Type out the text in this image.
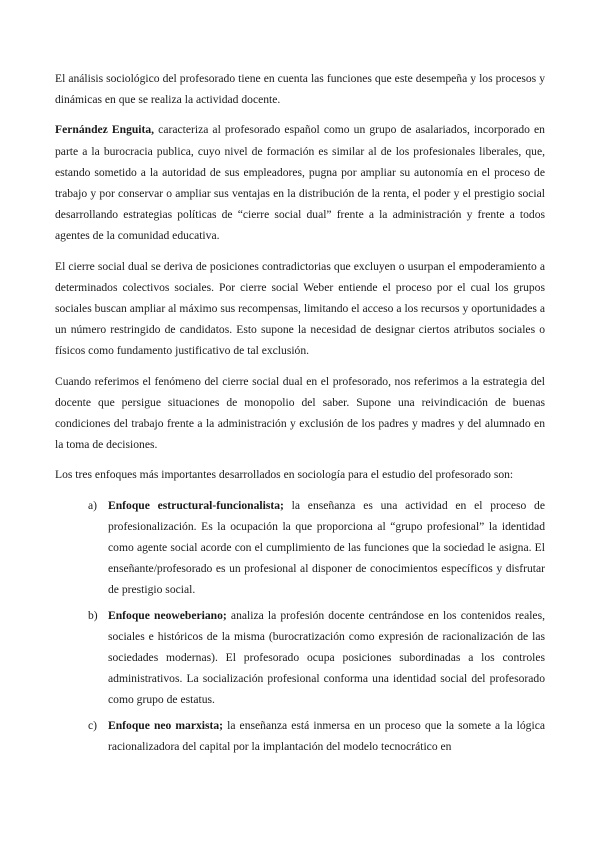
El análisis sociológico del profesorado tiene en cuenta las funciones que este desempeña y los procesos y dinámicas en que se realiza la actividad docente.

Fernández Enguita, caracteriza al profesorado español como un grupo de asalariados, incorporado en parte a la burocracia publica, cuyo nivel de formación es similar al de los profesionales liberales, que, estando sometido a la autoridad de sus empleadores, pugna por ampliar su autonomía en el proceso de trabajo y por conservar o ampliar sus ventajas en la distribución de la renta, el poder y el prestigio social desarrollando estrategias políticas de “cierre social dual” frente a la administración y frente a todos agentes de la comunidad educativa.

El cierre social dual se deriva de posiciones contradictorias que excluyen o usurpan el empoderamiento a determinados colectivos sociales. Por cierre social Weber entiende el proceso por el cual los grupos sociales buscan ampliar al máximo sus recompensas, limitando el acceso a los recursos y oportunidades a un número restringido de candidatos. Esto supone la necesidad de designar ciertos atributos sociales o físicos como fundamento justificativo de tal exclusión.

Cuando referimos el fenómeno del cierre social dual en el profesorado, nos referimos a la estrategia del docente que persigue situaciones de monopolio del saber. Supone una reivindicación de buenas condiciones del trabajo frente a la administración y exclusión de los padres y madres y del alumnado en la toma de decisiones.

Los tres enfoques más importantes desarrollados en sociología para el estudio del profesorado son:

a) Enfoque estructural-funcionalista; la enseñanza es una actividad en el proceso de profesionalización. Es la ocupación la que proporciona al “grupo profesional” la identidad como agente social acorde con el cumplimiento de las funciones que la sociedad le asigna. El enseñante/profesorado es un profesional al disponer de conocimientos específicos y disfrutar de prestigio social.
b) Enfoque neoweberiano; analiza la profesión docente centrándose en los contenidos reales, sociales e históricos de la misma (burocratización como expresión de racionalización de las sociedades modernas). El profesorado ocupa posiciones subordinadas a los controles administrativos. La socialización profesional conforma una identidad social del profesorado como grupo de estatus.
c) Enfoque neo marxista; la enseñanza está inmersa en un proceso que la somete a la lógica racionalizadora del capital por la implantación del modelo tecnocrático en
